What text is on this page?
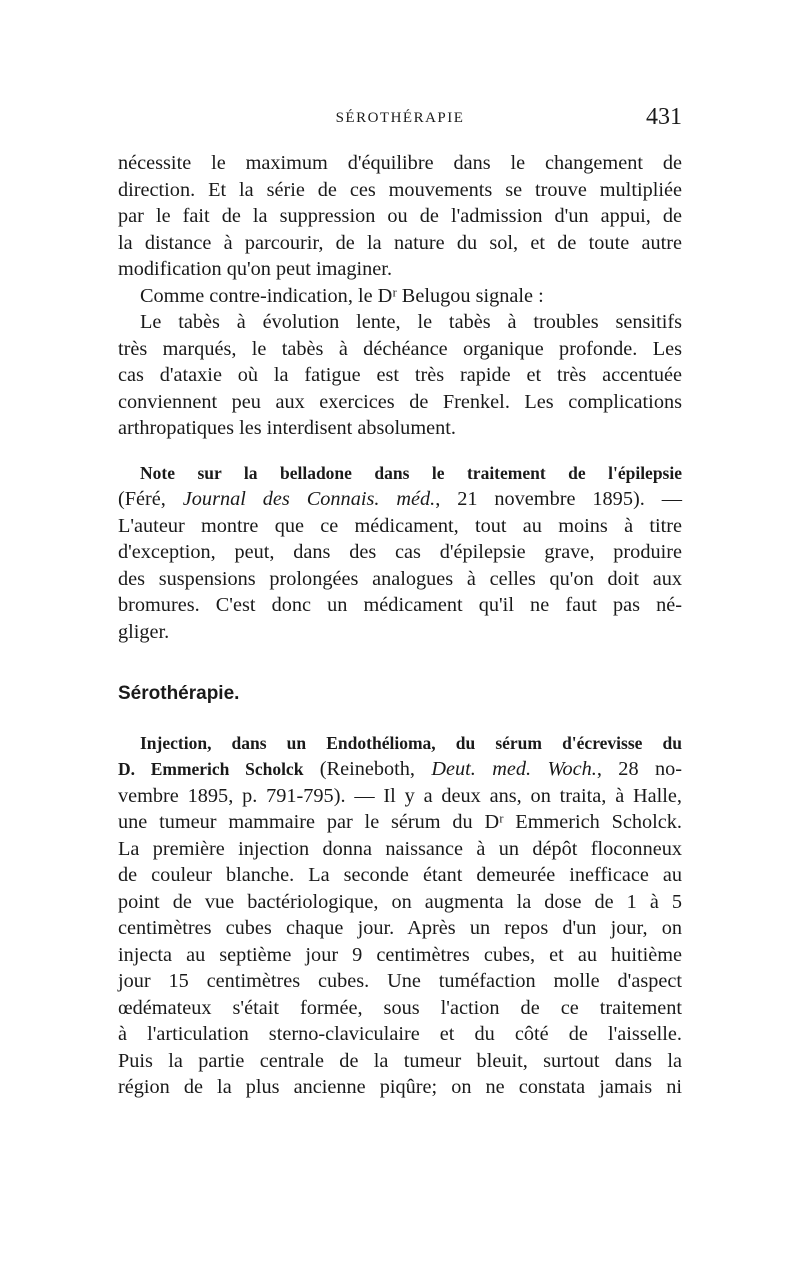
SÉROTHÉRAPIE	431

nécessite le maximum d'équilibre dans le changement de
direction. Et la série de ces mouvements se trouve multipliée
par le fait de la suppression ou de l'admission d'un appui, de
la distance à parcourir, de la nature du sol, et de toute autre
modification qu'on peut imaginer.

Comme contre-indication, le Dʳ Belugou signale :

Le tabès à évolution lente, le tabès à troubles sensitifs
très marqués, le tabès à déchéance organique profonde. Les
cas d'ataxie où la fatigue est très rapide et très accentuée
conviennent peu aux exercices de Frenkel. Les complications
arthropatiques les interdisent absolument.

Note sur la belladone dans le traitement de l'épilepsie
(Féré, Journal des Connais. méd., 21 novembre 1895). —
L'auteur montre que ce médicament, tout au moins à titre
d'exception, peut, dans des cas d'épilepsie grave, produire
des suspensions prolongées analogues à celles qu'on doit aux
bromures. C'est donc un médicament qu'il ne faut pas né-
gliger.

Sérothérapie.

Injection, dans un Endothélioma, du sérum d'écrevisse du
D. Emmerich Scholck (Reineboth, Deut. med. Woch., 28 no-
vembre 1895, p. 791-795). — Il y a deux ans, on traita, à Halle,
une tumeur mammaire par le sérum du Dʳ Emmerich Scholck.
La première injection donna naissance à un dépôt floconneux
de couleur blanche. La seconde étant demeurée inefficace au
point de vue bactériologique, on augmenta la dose de 1 à 5
centimètres cubes chaque jour. Après un repos d'un jour, on
injecta au septième jour 9 centimètres cubes, et au huitième
jour 15 centimètres cubes. Une tuméfaction molle d'aspect
œdémateux s'était formée, sous l'action de ce traitement
à l'articulation sterno-claviculaire et du côté de l'aisselle.
Puis la partie centrale de la tumeur bleuit, surtout dans la
région de la plus ancienne piqûre; on ne constata jamais ni
